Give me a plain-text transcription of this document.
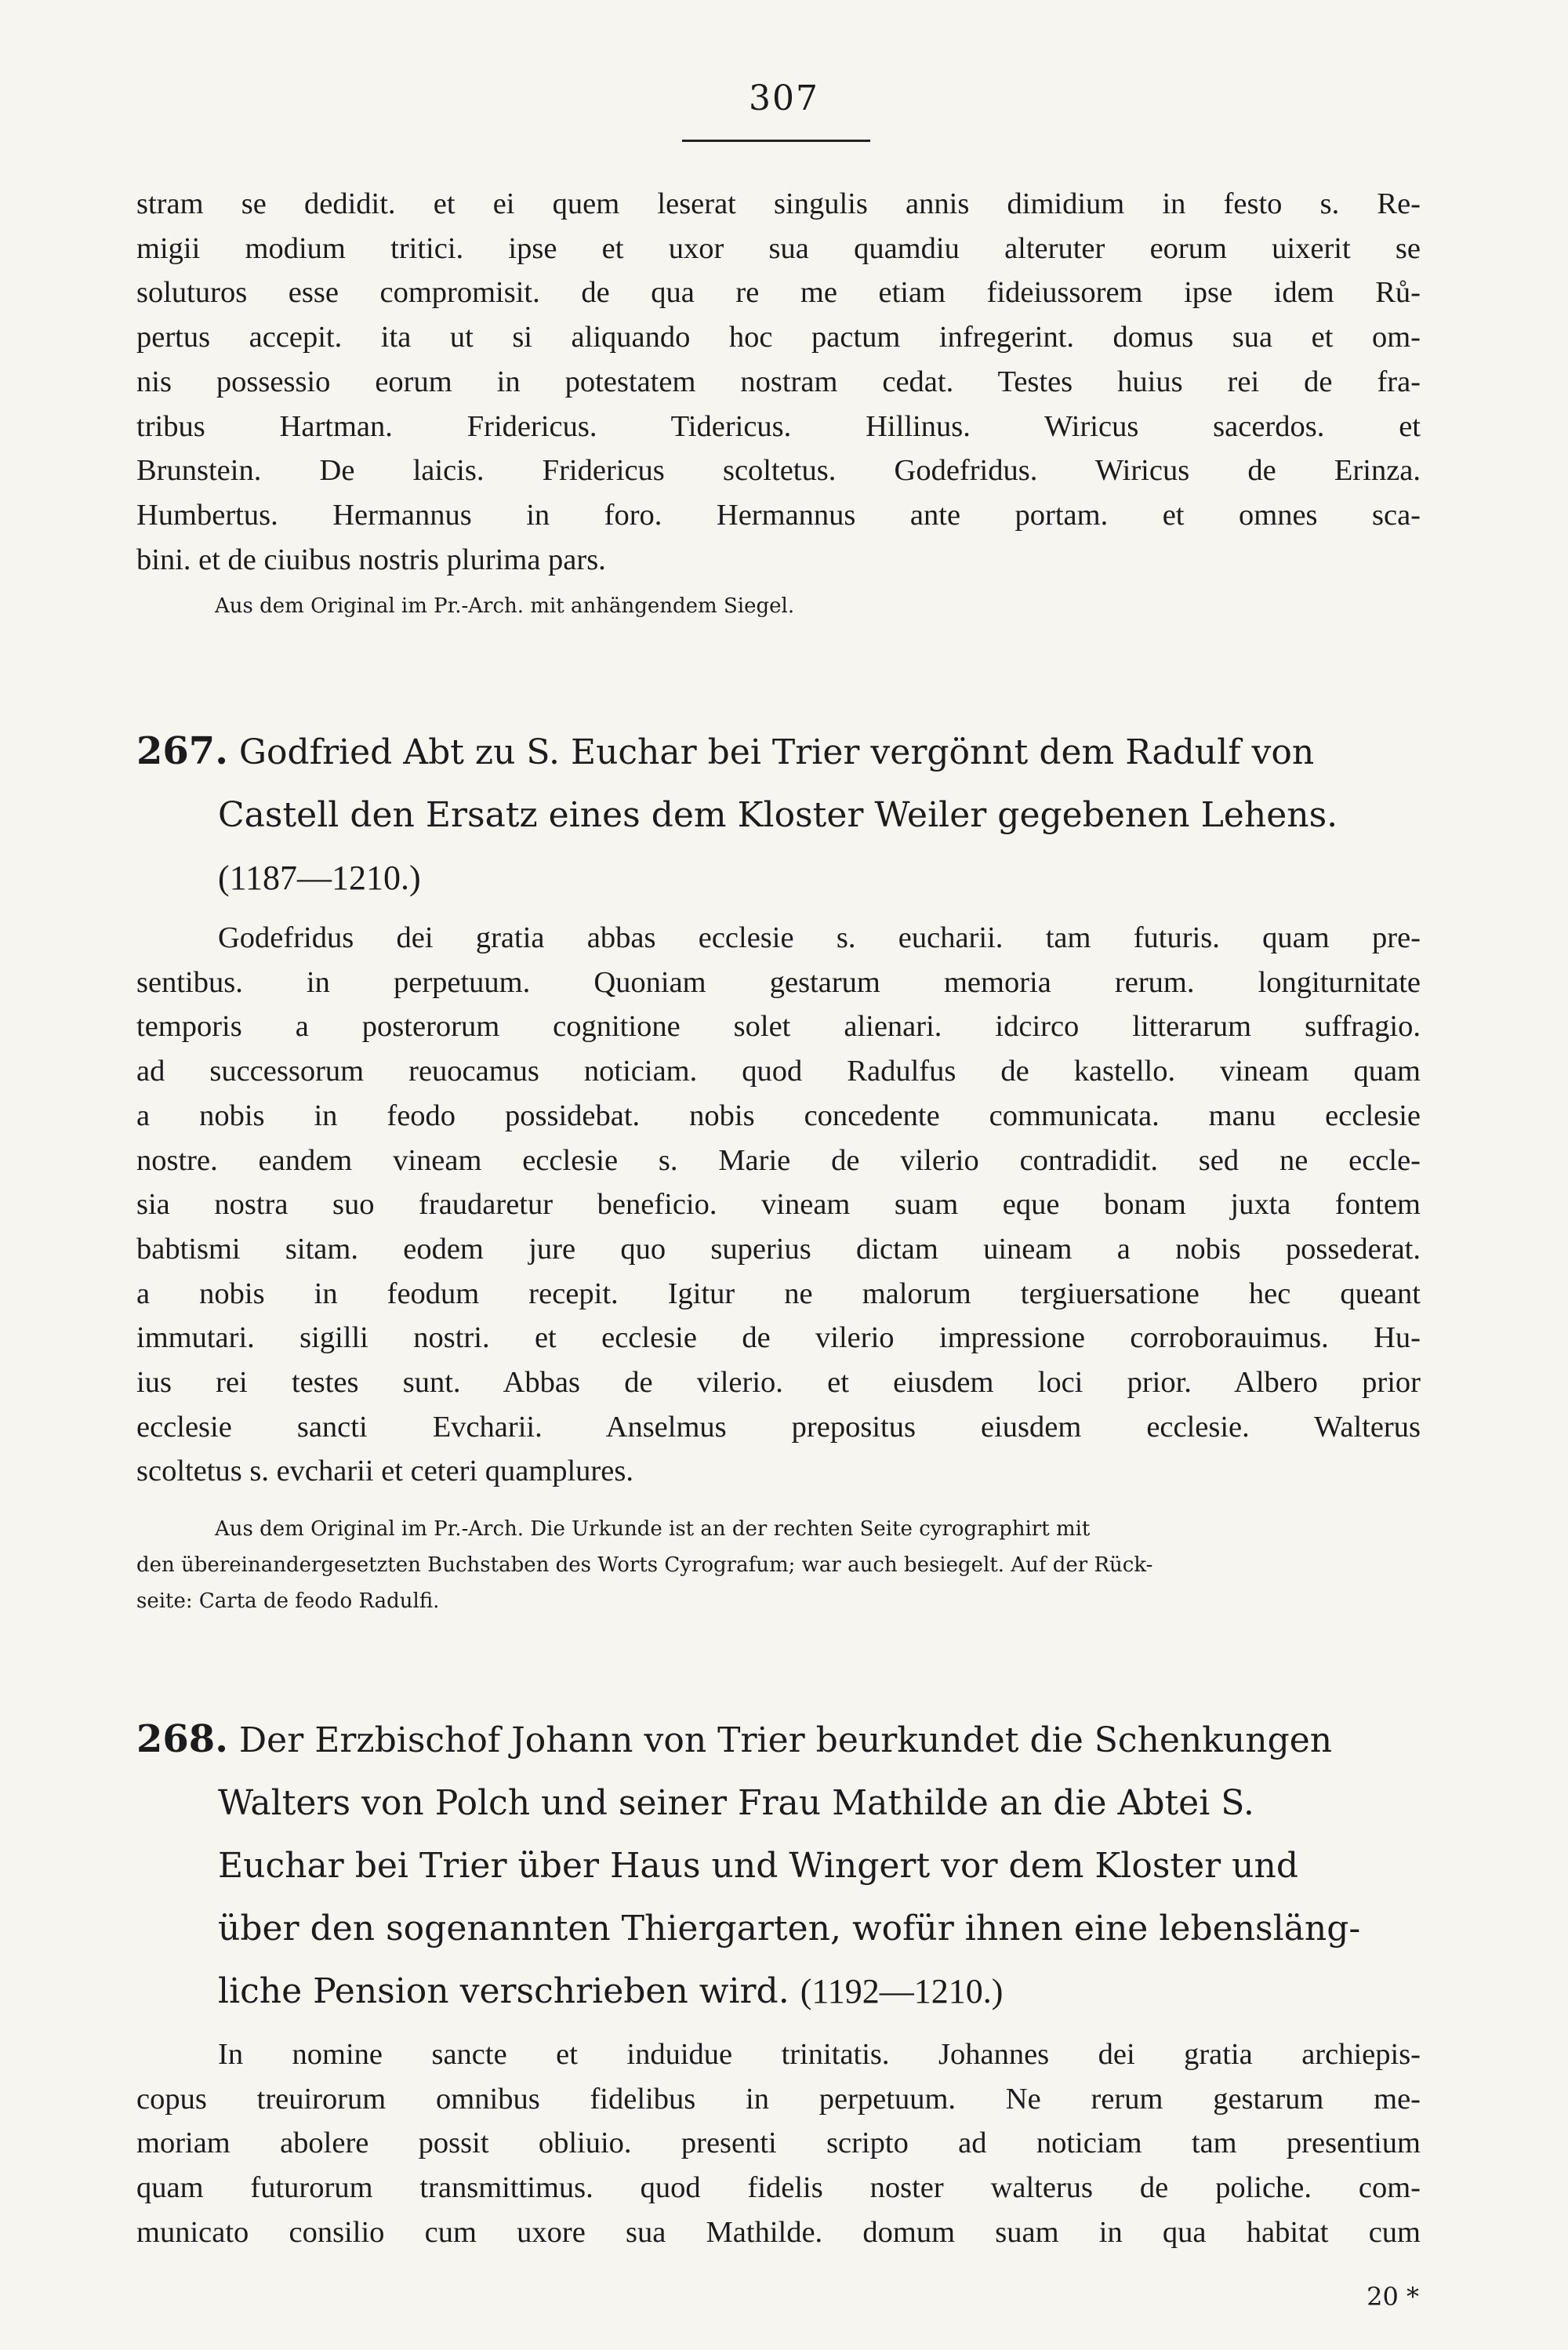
307

stram se dedidit. et ei quem leserat singulis annis dimidium in festo s. Re-
migii modium tritici. ipse et uxor sua quamdiu alteruter eorum uixerit se
soluturos esse compromisit. de qua re me etiam fideiussorem ipse idem Rů-
pertus accepit. ita ut si aliquando hoc pactum infregerint. domus sua et om-
nis possessio eorum in potestatem nostram cedat. Testes huius rei de fra-
tribus Hartman. Fridericus. Tidericus. Hillinus. Wiricus sacerdos. et
Brunstein. De laicis. Fridericus scoltetus. Godefridus. Wiricus de Erinza.
Humbertus. Hermannus in foro. Hermannus ante portam. et omnes sca-
bini. et de ciuibus nostris plurima pars.

Aus dem Original im Pr.-Arch. mit anhängendem Siegel.

267. Godfried Abt zu S. Euchar bei Trier vergönnt dem Radulf von
Castell den Ersatz eines dem Kloster Weiler gegebenen Lehens.
(1187—1210.)

Godefridus dei gratia abbas ecclesie s. eucharii. tam futuris. quam pre-
sentibus. in perpetuum. Quoniam gestarum memoria rerum. longiturnitate
temporis a posterorum cognitione solet alienari. idcirco litterarum suffragio.
ad successorum reuocamus noticiam. quod Radulfus de kastello. vineam quam
a nobis in feodo possidebat. nobis concedente communicata. manu ecclesie
nostre. eandem vineam ecclesie s. Marie de vilerio contradidit. sed ne eccle-
sia nostra suo fraudaretur beneficio. vineam suam eque bonam juxta fontem
babtismi sitam. eodem jure quo superius dictam uineam a nobis possederat.
a nobis in feodum recepit. Igitur ne malorum tergiuersatione hec queant
immutari. sigilli nostri. et ecclesie de vilerio impressione corroborauimus. Hu-
ius rei testes sunt. Abbas de vilerio. et eiusdem loci prior. Albero prior
ecclesie sancti Evcharii. Anselmus prepositus eiusdem ecclesie. Walterus
scoltetus s. evcharii et ceteri quamplures.

Aus dem Original im Pr.-Arch. Die Urkunde ist an der rechten Seite cyrographirt mit

den übereinandergesetzten Buchstaben des Worts Cyrografum; war auch besiegelt. Auf der Rück-

seite: Carta de feodo Radulfi.

268. Der Erzbischof Johann von Trier beurkundet die Schenkungen
Walters von Polch und seiner Frau Mathilde an die Abtei S.
Euchar bei Trier über Haus und Wingert vor dem Kloster und
über den sogenannten Thiergarten, wofür ihnen eine lebensläng-
liche Pension verschrieben wird. (1192—1210.)

In nomine sancte et induidue trinitatis. Johannes dei gratia archiepis-
copus treuirorum omnibus fidelibus in perpetuum. Ne rerum gestarum me-
moriam abolere possit obliuio. presenti scripto ad noticiam tam presentium
quam futurorum transmittimus. quod fidelis noster walterus de poliche. com-
municato consilio cum uxore sua Mathilde. domum suam in qua habitat cum

20 *
